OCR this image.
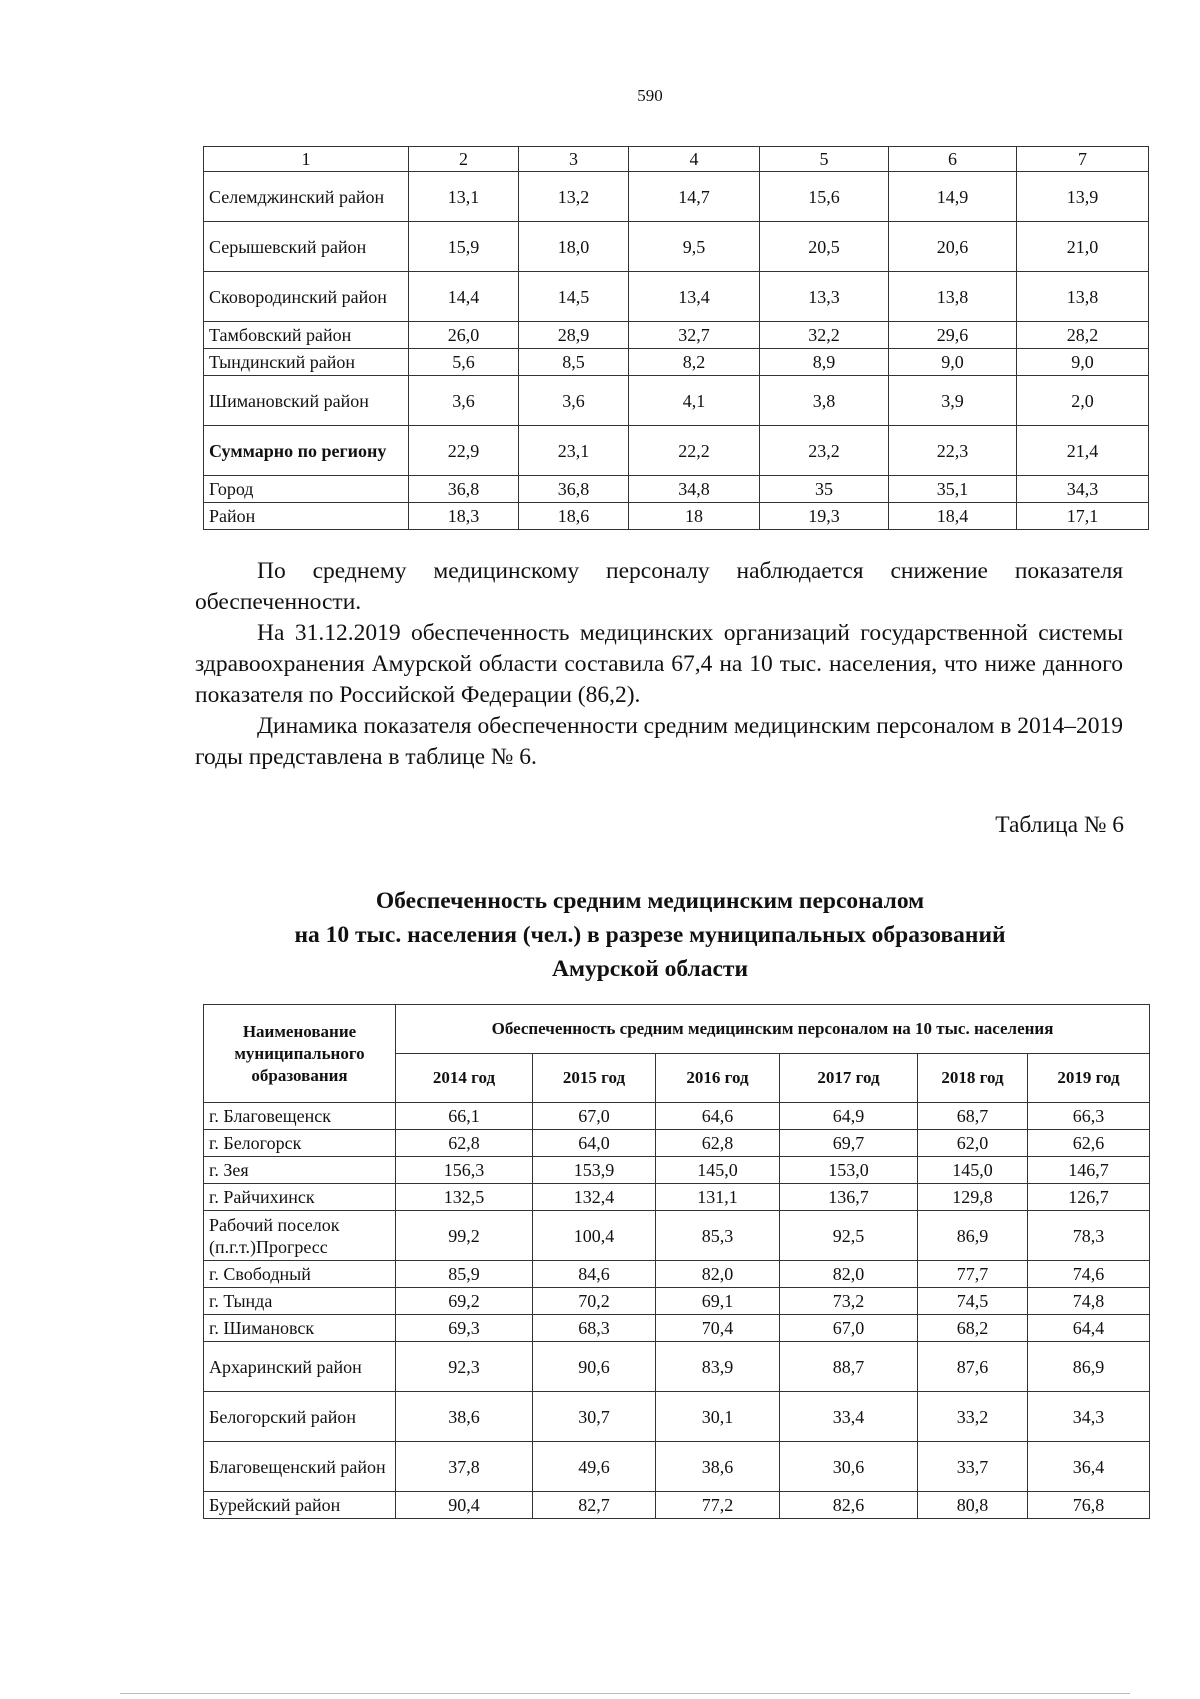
590
1	2	3	4	5	6	7
Селемджинский район	13,1	13,2	14,7	15,6	14,9	13,9
Серышевский район	15,9	18,0	9,5	20,5	20,6	21,0
Сковородинский район	14,4	14,5	13,4	13,3	13,8	13,8
Тамбовский район	26,0	28,9	32,7	32,2	29,6	28,2
Тындинский район	5,6	8,5	8,2	8,9	9,0	9,0
Шимановский район	3,6	3,6	4,1	3,8	3,9	2,0
Суммарно по региону	22,9	23,1	22,2	23,2	22,3	21,4
Город	36,8	36,8	34,8	35	35,1	34,3
Район	18,3	18,6	18	19,3	18,4	17,1

По среднему медицинскому персоналу наблюдается снижение показателя обеспеченности.

На 31.12.2019 обеспеченность медицинских организаций государственной системы здравоохранения Амурской области составила 67,4 на 10 тыс. населения, что ниже данного показателя по Российской Федерации (86,2).

Динамика показателя обеспеченности средним медицинским персоналом в 2014–2019 годы представлена в таблице № 6.

Таблица № 6
Обеспеченность средним медицинским персоналом
на 10 тыс. населения (чел.) в разрезе муниципальных образований
Амурской области
Наименование муниципального образования	Обеспеченность средним медицинским персоналом на 10 тыс. населения					
	2014 год	2015 год	2016 год	2017 год	2018 год	2019 год
г. Благовещенск	66,1	67,0	64,6	64,9	68,7	66,3
г. Белогорск	62,8	64,0	62,8	69,7	62,0	62,6
г. Зея	156,3	153,9	145,0	153,0	145,0	146,7
г. Райчихинск	132,5	132,4	131,1	136,7	129,8	126,7
Рабочий поселок (п.г.т.)Прогресс	99,2	100,4	85,3	92,5	86,9	78,3
г. Свободный	85,9	84,6	82,0	82,0	77,7	74,6
г. Тында	69,2	70,2	69,1	73,2	74,5	74,8
г. Шимановск	69,3	68,3	70,4	67,0	68,2	64,4
Архаринский район	92,3	90,6	83,9	88,7	87,6	86,9
Белогорский район	38,6	30,7	30,1	33,4	33,2	34,3
Благовещенский район	37,8	49,6	38,6	30,6	33,7	36,4
Бурейский район	90,4	82,7	77,2	82,6	80,8	76,8
